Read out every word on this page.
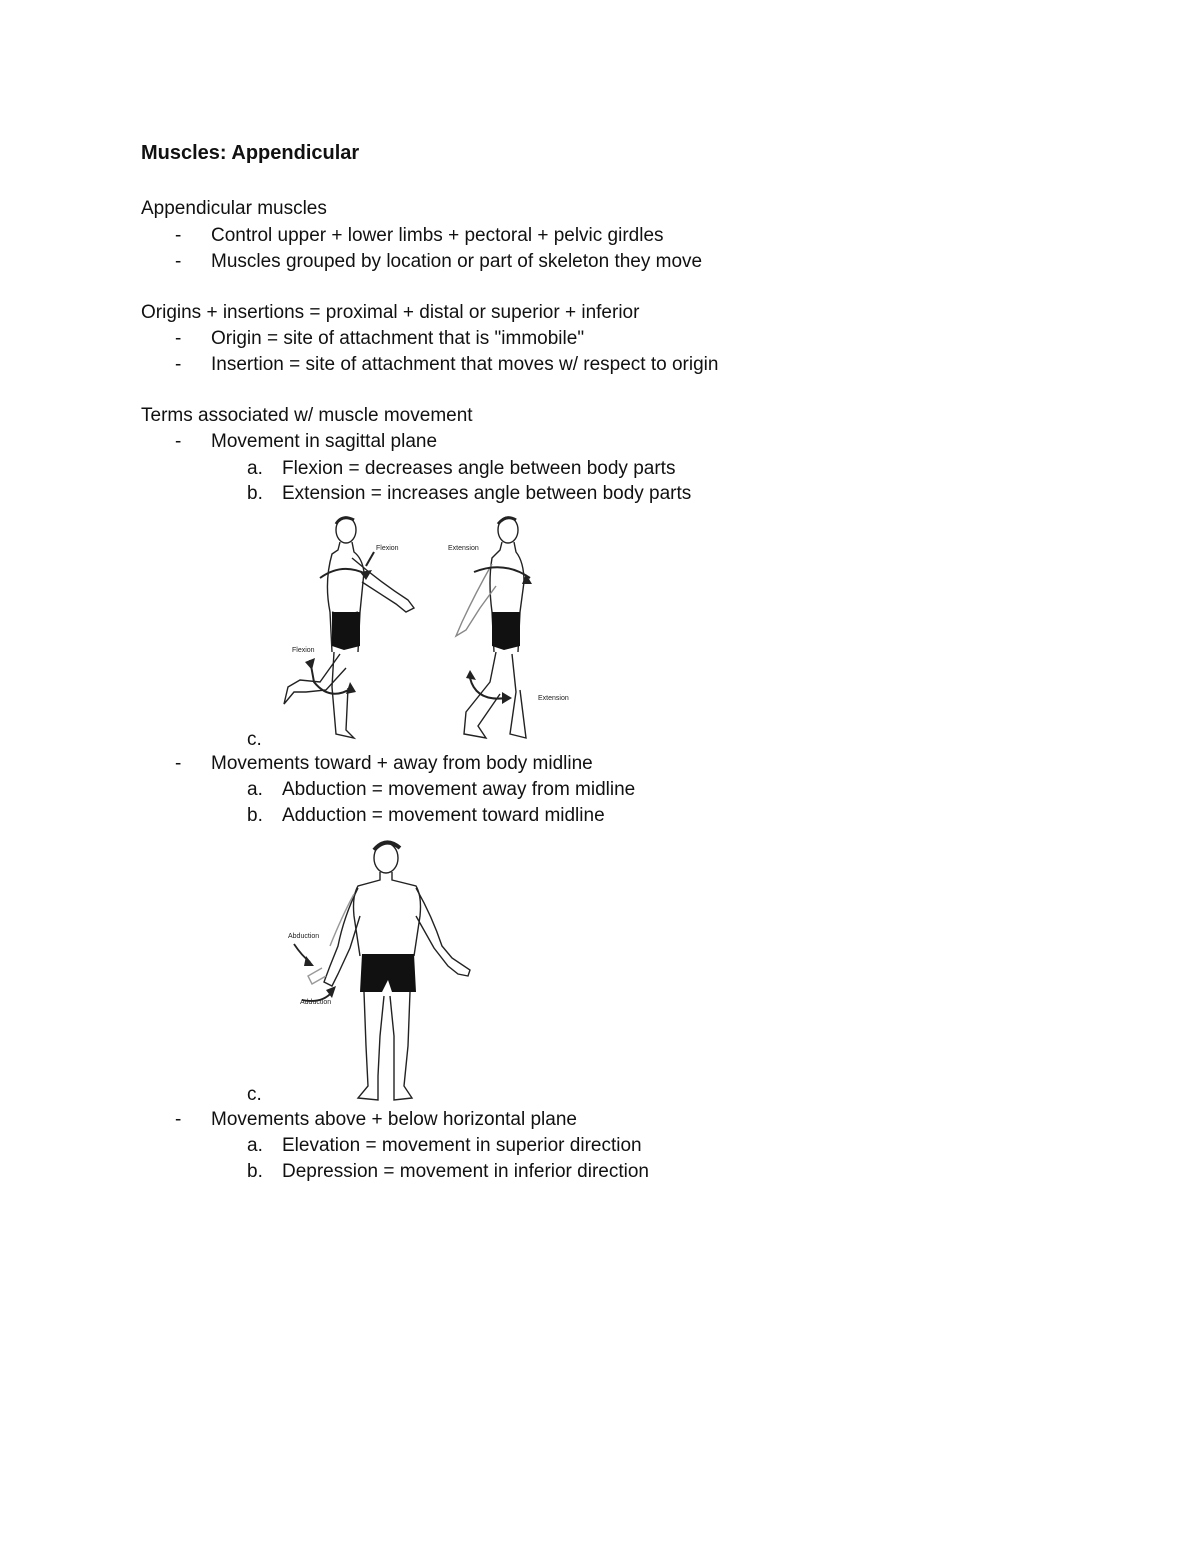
Muscles: Appendicular
Appendicular muscles
- Control upper + lower limbs + pectoral + pelvic girdles
- Muscles grouped by location or part of skeleton they move
Origins + insertions = proximal + distal or superior + inferior
- Origin = site of attachment that is "immobile"
- Insertion = site of attachment that moves w/ respect to origin
Terms associated w/ muscle movement
- Movement in sagittal plane
a. Flexion = decreases angle between body parts
b. Extension = increases angle between body parts
Flexion
Flexion
Extension
Extension
c.
- Movements toward + away from body midline
a. Abduction = movement away from midline
b. Adduction = movement toward midline
Abduction
Adduction
c.
- Movements above + below horizontal plane
a. Elevation = movement in superior direction
b. Depression = movement in inferior direction
